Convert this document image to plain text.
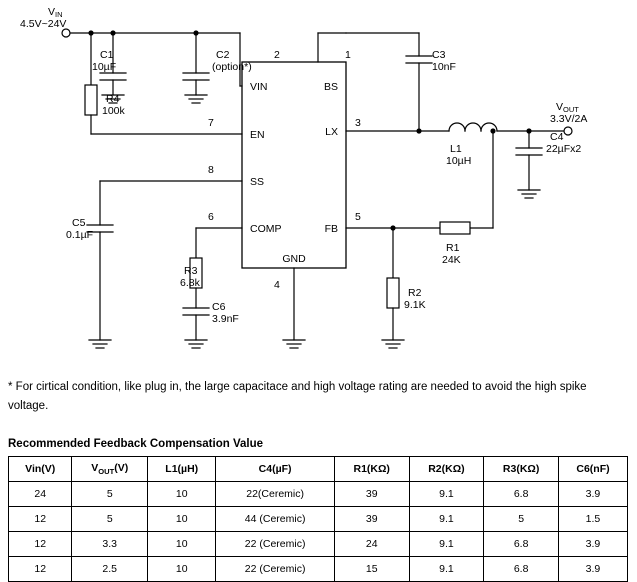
VIN
EN
SS
COMP
BS
LX
FB
GND
2
7
8
6
1
3
5
4
VIN
4.5V~24V
VOUT
3.3V/2A
C1
10µF
C2
(option*)
C3
10nF
C4
22µFx2
C5
0.1µF
C6
3.9nF
R1
24K
R2
9.1K
R3
6.8k
R4
100k
L1
10µH
* For cirtical condition, like plug in, the large capacitace and high voltage rating are needed to avoid the high spike voltage.
Recommended Feedback Compensation Value
Vin(V)	$V_{OUT}(V)$	L1(µH)	C4(µF)	R1(KΩ)	R2(KΩ)	R3(KΩ)	C6(nF)
24	5	10	22(Ceremic)	39	9.1	6.8	3.9
12	5	10	44 (Ceremic)	39	9.1	5	1.5
12	3.3	10	22 (Ceremic)	24	9.1	6.8	3.9
12	2.5	10	22 (Ceremic)	15	9.1	6.8	3.9
